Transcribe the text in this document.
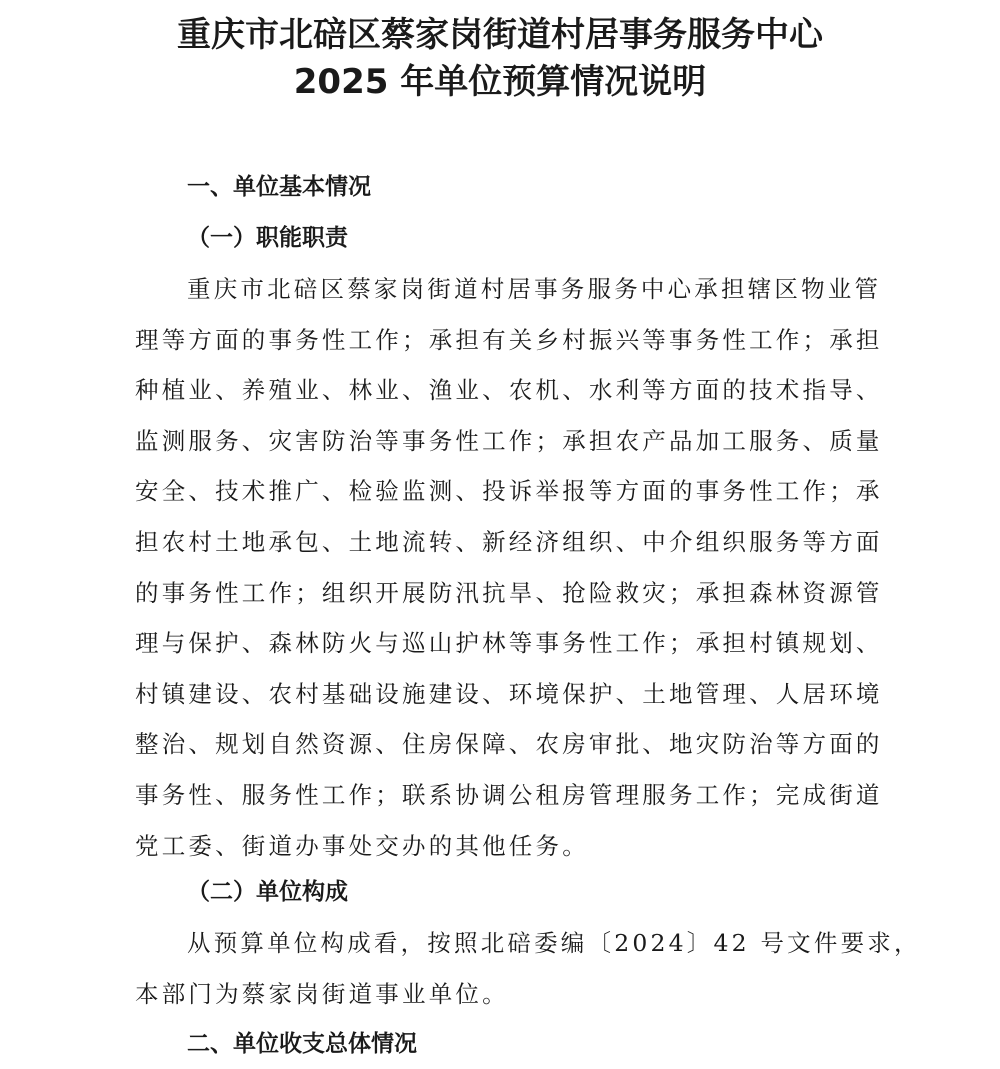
重庆市北碚区蔡家岗街道村居事务服务中心
2025 年单位预算情况说明
一、单位基本情况
（一）职能职责
重庆市北碚区蔡家岗街道村居事务服务中心承担辖区物业管
理等方面的事务性工作；承担有关乡村振兴等事务性工作；承担
种植业、养殖业、林业、渔业、农机、水利等方面的技术指导、
监测服务、灾害防治等事务性工作；承担农产品加工服务、质量
安全、技术推广、检验监测、投诉举报等方面的事务性工作；承
担农村土地承包、土地流转、新经济组织、中介组织服务等方面
的事务性工作；组织开展防汛抗旱、抢险救灾；承担森林资源管
理与保护、森林防火与巡山护林等事务性工作；承担村镇规划、
村镇建设、农村基础设施建设、环境保护、土地管理、人居环境
整治、规划自然资源、住房保障、农房审批、地灾防治等方面的
事务性、服务性工作；联系协调公租房管理服务工作；完成街道
党工委、街道办事处交办的其他任务。
（二）单位构成
从预算单位构成看，按照北碚委编〔2024〕42 号文件要求，
本部门为蔡家岗街道事业单位。
二、单位收支总体情况
